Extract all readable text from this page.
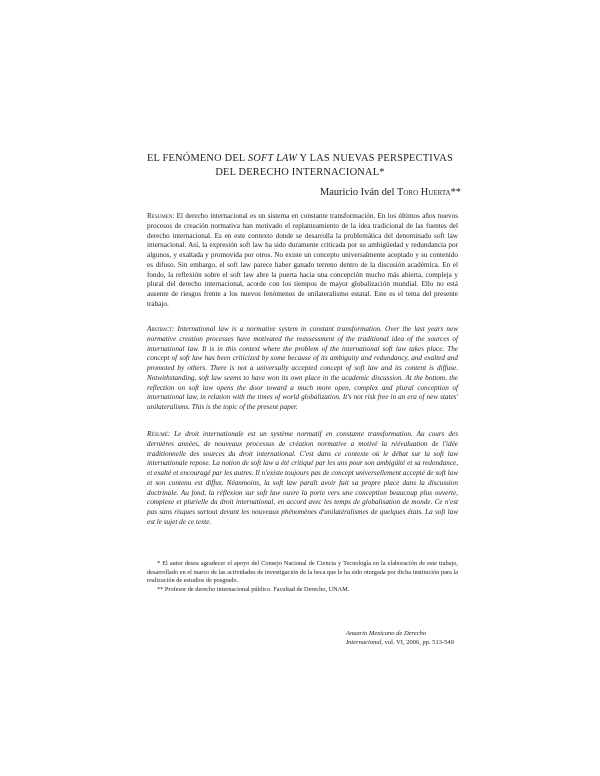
EL FENÓMENO DEL SOFT LAW Y LAS NUEVAS PERSPECTIVAS
DEL DERECHO INTERNACIONAL*
Mauricio Iván del Toro Huerta**
Resumen: El derecho internacional es un sistema en constante transformación. En los últimos años nuevos procesos de creación normativa han motivado el replanteamiento de la idea tradicional de las fuentes del derecho internacional. Es en este contexto donde se desarrolla la problemática del denominado soft law internacional. Así, la expresión soft law ha sido duramente criticada por su ambigüedad y redundancia por algunos, y exaltada y promovida por otros. No existe un concepto universalmente aceptado y su contenido es difuso. Sin embargo, el soft law parece haber ganado terreno dentro de la discusión académica. En el fondo, la reflexión sobre el soft law abre la puerta hacia una concepción mucho más abierta, compleja y plural del derecho internacional, acorde con los tiempos de mayor globalización mundial. Ello no está ausente de riesgos frente a los nuevos fenómenos de unilateralismo estatal. Este es el tema del presente trabajo.
Abstract: International law is a normative system in constant transformation. Over the last years new normative creation processes have motivated the reassessment of the traditional idea of the sources of international law. It is in this context where the problem of the international soft law takes place. The concept of soft law has been criticized by some because of its ambiguity and redundancy, and exalted and promoted by others. There is not a universally accepted concept of soft law and its content is diffuse. Notwithstanding, soft law seems to have won its own place in the academic discussion. At the bottom, the reflection on soft law opens the door toward a much more open, complex and plural conception of international law, in relation with the times of world globalization. It's not risk free in an era of new states' unilateralisms. This is the topic of the present paper.
Résumé: Le droit internationale est un système normatif en constante transformation. Au cours des dernières années, de nouveaux processus de création normative a motivé la réévaluation de l'idée traditionnelle des sources du droit international. C'est dans ce contexte où le débat sur la soft law internationale repose. La notion de soft law a été critiqué par les uns pour son ambigüité et sa redondance, et exalté et encouragé par les autres. Il n'existe toujours pas de concept universellement accepté de soft law et son contenu est diffus. Néanmoins, la soft law paraît avoir fait sa propre place dans la discussion doctrinale. Au fond, la réflexion sur soft law ouvre la porte vers une conception beaucoup plus ouverte, complexe et plurielle du droit international, en accord avec les temps de globalisation de monde. Ce n'est pas sans risques surtout devant les nouveaux phénomènes d'unilatéralismes de quelques états. La soft law est le sujet de ce texte.

* El autor desea agradecer el apoyo del Consejo Nacional de Ciencia y Tecnología en la elaboración de este trabajo, desarrollado en el marco de las actividades de investigación de la beca que le ha sido otorgada por dicha institución para la realización de estudios de posgrado.

** Profesor de derecho internacional público. Facultad de Derecho, UNAM.

Anuario Mexicano de Derecho Internacional, vol. VI, 2006, pp. 513-549
